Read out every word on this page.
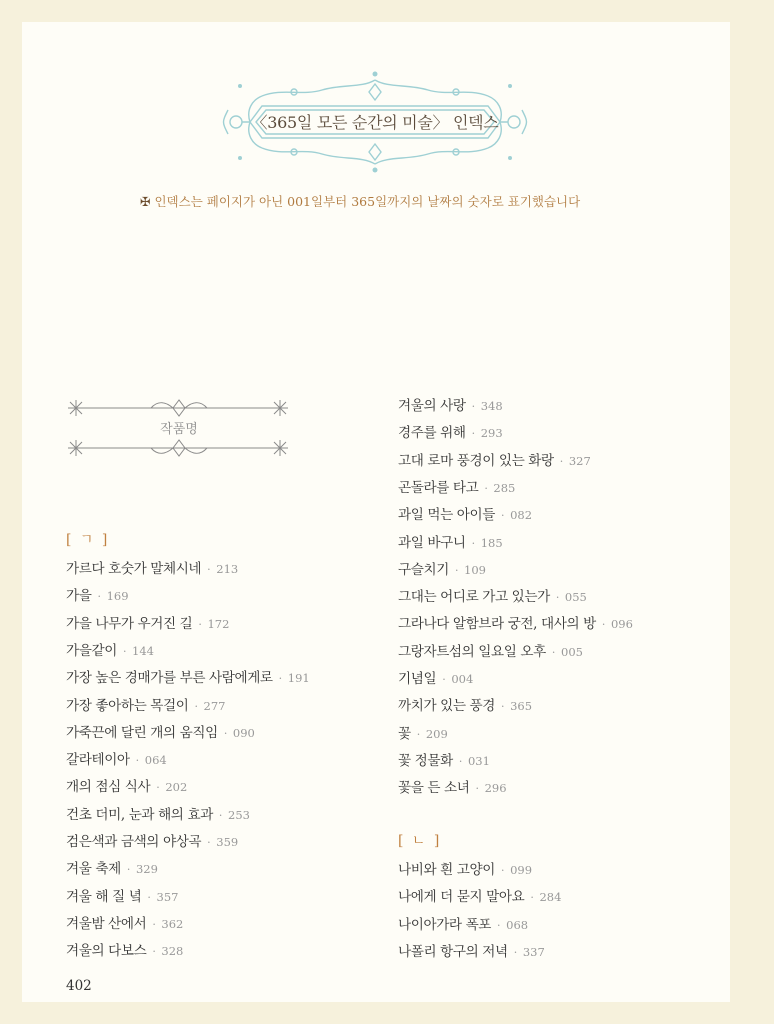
〈365일 모든 순간의 미술〉 인덱스
✠ 인덱스는 페이지가 아닌 001일부터 365일까지의 날짜의 숫자로 표기했습니다
작품명
[ ㄱ ]
가르다 호숫가 말체시네 · 213
가을 · 169
가을 나무가 우거진 길 · 172
가을같이 · 144
가장 높은 경매가를 부른 사람에게로 · 191
가장 좋아하는 목걸이 · 277
가죽끈에 달린 개의 움직임 · 090
갈라테이아 · 064
개의 점심 식사 · 202
건초 더미, 눈과 해의 효과 · 253
검은색과 금색의 야상곡 · 359
겨울 축제 · 329
겨울 해 질 녘 · 357
겨울밤 산에서 · 362
겨울의 다보스 · 328
겨울의 사랑 · 348
경주를 위해 · 293
고대 로마 풍경이 있는 화랑 · 327
곤돌라를 타고 · 285
과일 먹는 아이들 · 082
과일 바구니 · 185
구슬치기 · 109
그대는 어디로 가고 있는가 · 055
그라나다 알함브라 궁전, 대사의 방 · 096
그랑자트섬의 일요일 오후 · 005
기념일 · 004
까치가 있는 풍경 · 365
꽃 · 209
꽃 정물화 · 031
꽃을 든 소녀 · 296
[ ㄴ ]
나비와 흰 고양이 · 099
나에게 더 묻지 말아요 · 284
나이아가라 폭포 · 068
나폴리 항구의 저녁 · 337
402
